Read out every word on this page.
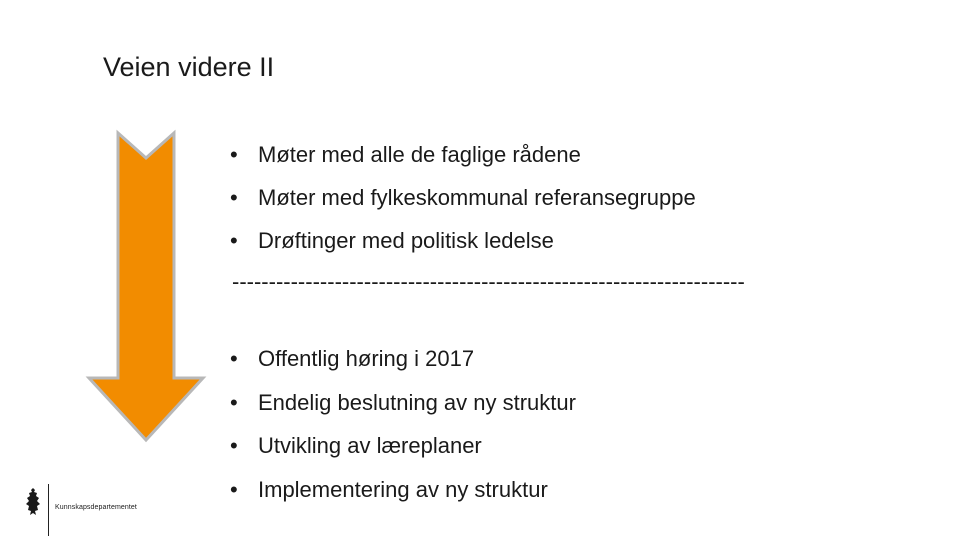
Veien videre II
• Møter med alle de faglige rådene
• Møter med fylkeskommunal referansegruppe
• Drøftinger med politisk ledelse
• Offentlig høring i 2017
• Endelig beslutning av ny struktur
• Utvikling av læreplaner
• Implementering av ny struktur
----------------------------------------------------------------------
Kunnskapsdepartementet
